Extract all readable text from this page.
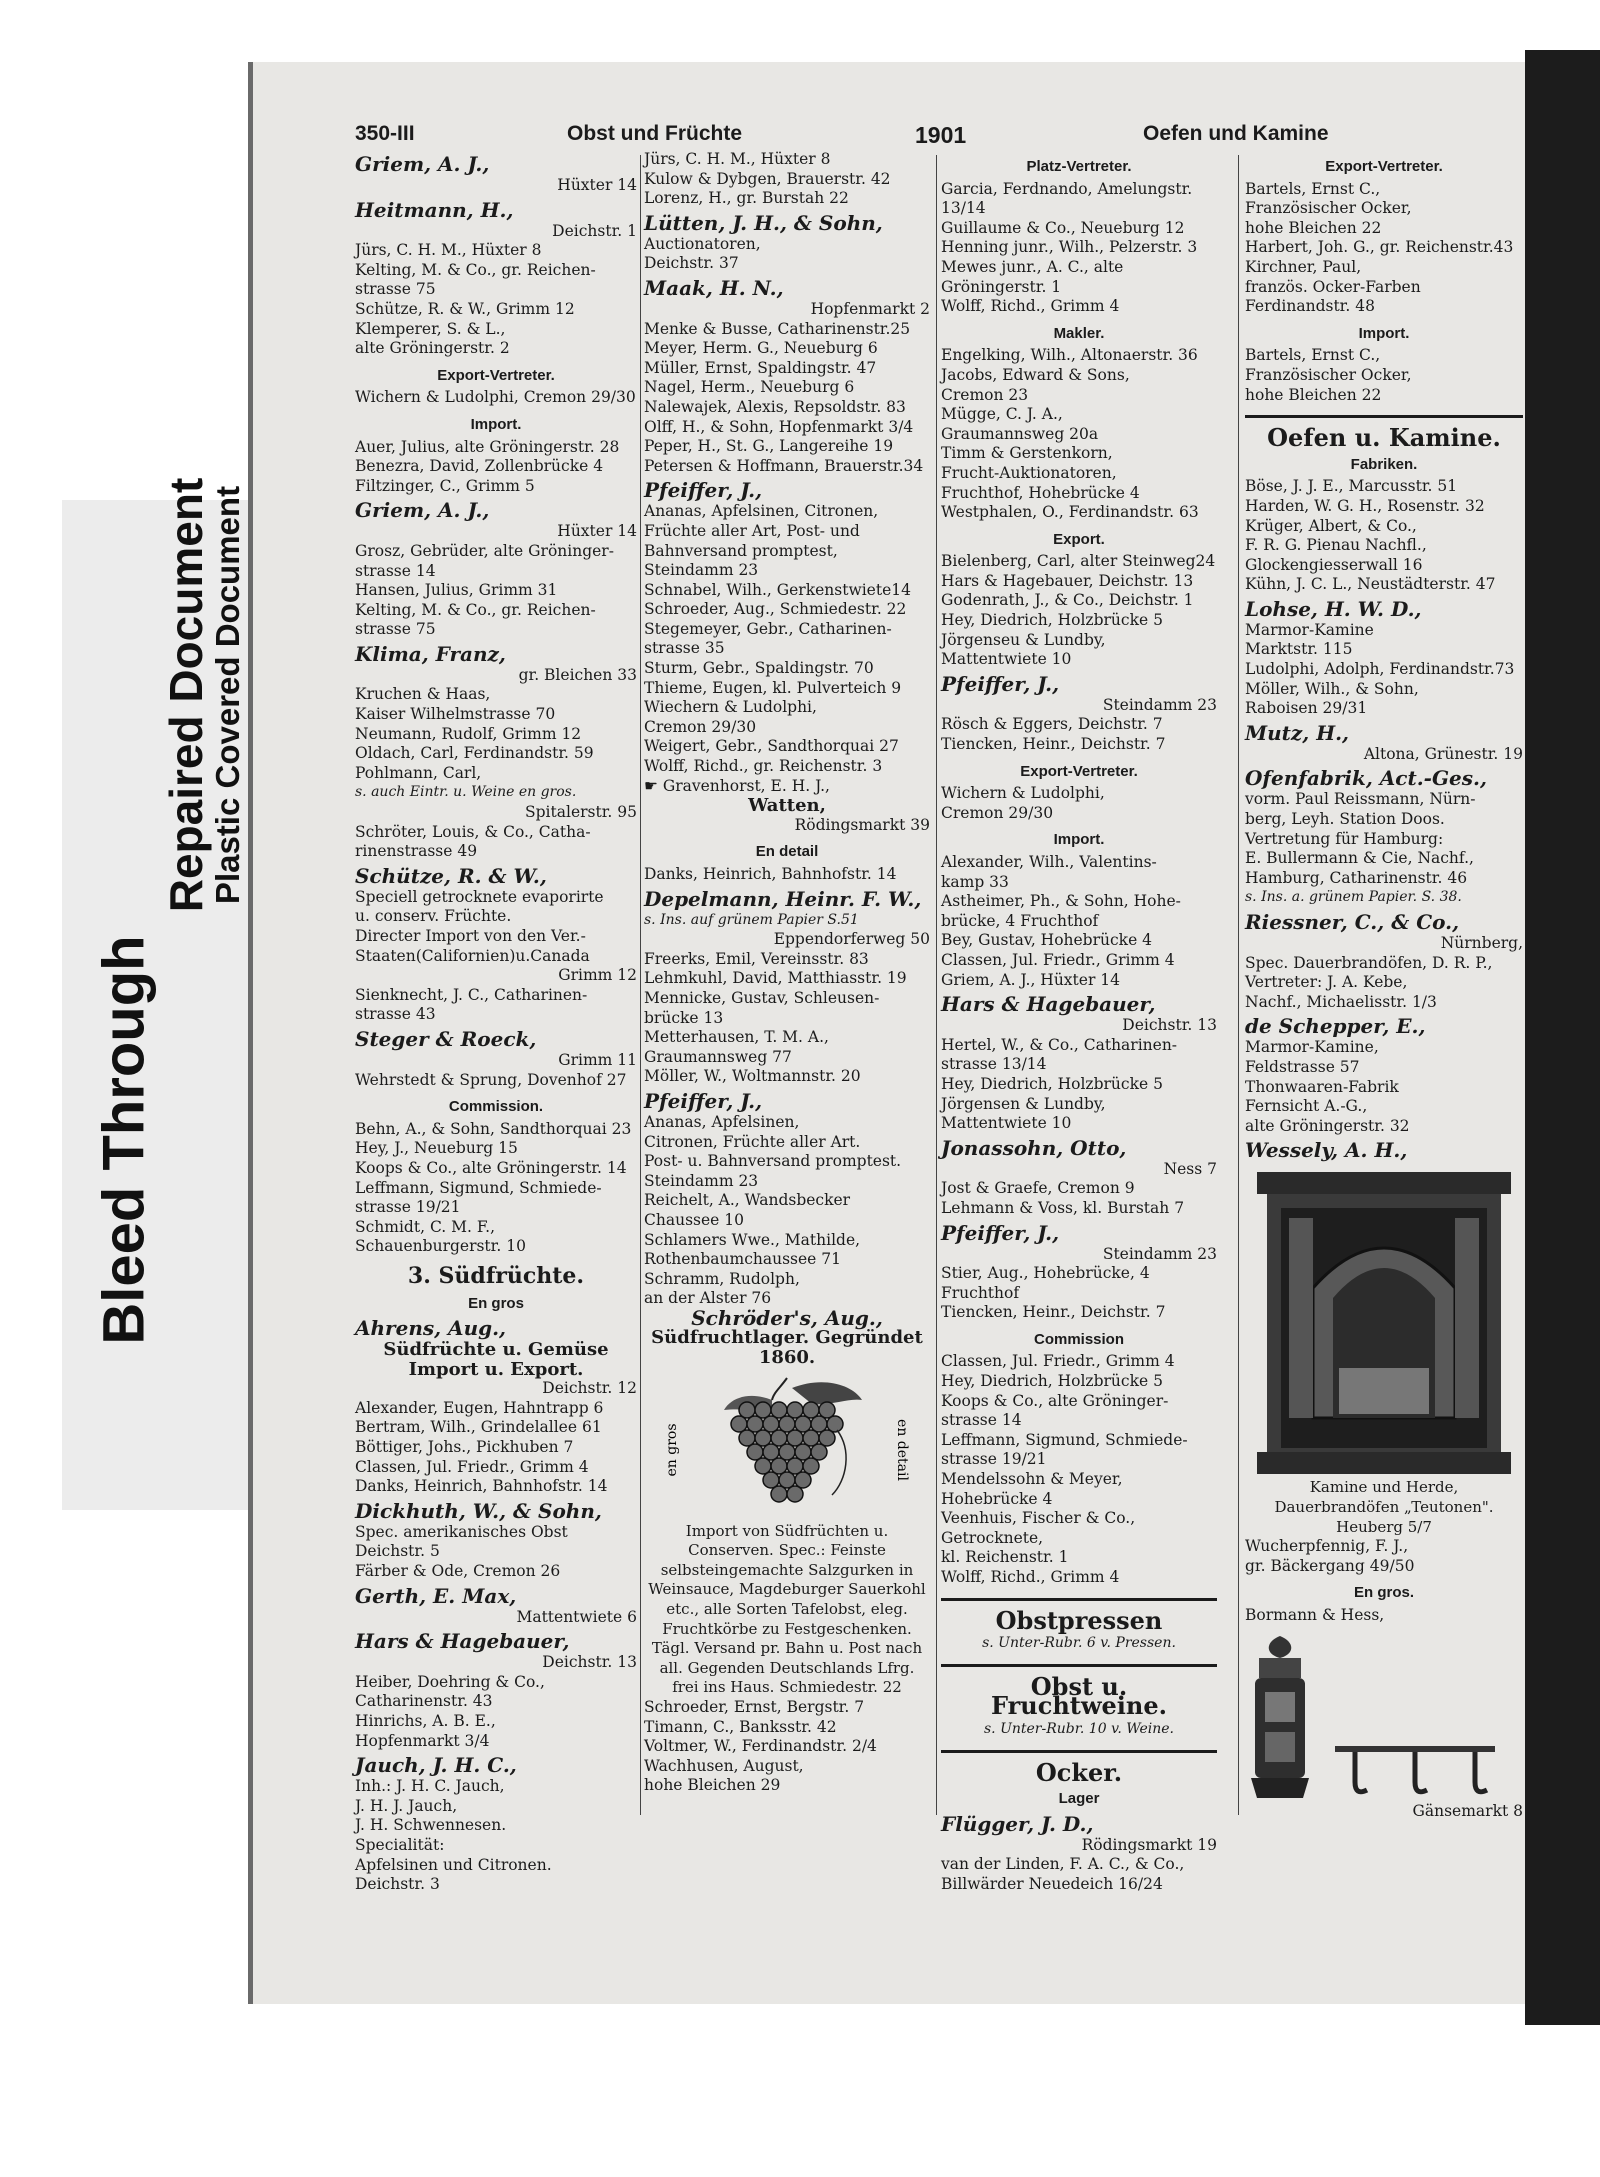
Bleed Through
Repaired Document
Plastic Covered Document
350-III	Obst und Früchte	1901	Oefen und Kamine
Griem, A. J.,
Hüxter 14
Heitmann, H.,
Deichstr. 1
Jürs, C. H. M., Hüxter 8
Kelting, M. & Co., gr. Reichen-
strasse 75
Schütze, R. & W., Grimm 12
Klemperer, S. & L.,
alte Gröningerstr. 2
Export-Vertreter.
Wichern & Ludolphi, Cremon 29/30
Import.
Auer, Julius, alte Gröningerstr. 28
Benezra, David, Zollenbrücke 4
Filtzinger, C., Grimm 5
Griem, A. J.,
Hüxter 14
Grosz, Gebrüder, alte Gröninger-
strasse 14
Hansen, Julius, Grimm 31
Kelting, M. & Co., gr. Reichen-
strasse 75
Klima, Franz,
gr. Bleichen 33
Kruchen & Haas,
Kaiser Wilhelmstrasse 70
Neumann, Rudolf, Grimm 12
Oldach, Carl, Ferdinandstr. 59
Pohlmann, Carl,
s. auch Eintr. u. Weine en gros.
Spitalerstr. 95
Schröter, Louis, & Co., Catha-
rinenstrasse 49
Schütze, R. & W.,
Speciell getrocknete evaporirte
u. conserv. Früchte.
Directer Import von den Ver.-
Staaten(Californien)u.Canada
Grimm 12
Sienknecht, J. C., Catharinen-
strasse 43
Steger & Roeck,
Grimm 11
Wehrstedt & Sprung, Dovenhof 27
Commission.
Behn, A., & Sohn, Sandthorquai 23
Hey, J., Neueburg 15
Koops & Co., alte Gröningerstr. 14
Leffmann, Sigmund, Schmiede-
strasse 19/21
Schmidt, C. M. F.,
Schauenburgerstr. 10
3. Südfrüchte.
En gros
Ahrens, Aug.,
Südfrüchte u. Gemüse Import u. Export.
Deichstr. 12
Alexander, Eugen, Hahntrapp 6
Bertram, Wilh., Grindelallee 61
Böttiger, Johs., Pickhuben 7
Classen, Jul. Friedr., Grimm 4
Danks, Heinrich, Bahnhofstr. 14
Dickhuth, W., & Sohn,
Spec. amerikanisches Obst
Deichstr. 5
Färber & Ode, Cremon 26
Gerth, E. Max,
Mattentwiete 6
Hars & Hagebauer,
Deichstr. 13
Heiber, Doehring & Co.,
Catharinenstr. 43
Hinrichs, A. B. E.,
Hopfenmarkt 3/4
Jauch, J. H. C.,
Inh.: J. H. C. Jauch,
J. H. J. Jauch,
J. H. Schwennesen.
Specialität:
Apfelsinen und Citronen.
Deichstr. 3
Jürs, C. H. M., Hüxter 8
Kulow & Dybgen, Brauerstr. 42
Lorenz, H., gr. Burstah 22
Lütten, J. H., & Sohn,
Auctionatoren,
Deichstr. 37
Maak, H. N.,
Hopfenmarkt 2
Menke & Busse, Catharinenstr.25
Meyer, Herm. G., Neueburg 6
Müller, Ernst, Spaldingstr. 47
Nagel, Herm., Neueburg 6
Nalewajek, Alexis, Repsoldstr. 83
Olff, H., & Sohn, Hopfenmarkt 3/4
Peper, H., St. G., Langereihe 19
Petersen & Hoffmann, Brauerstr.34
Pfeiffer, J.,
Ananas, Apfelsinen, Citronen,
Früchte aller Art, Post- und
Bahnversand promptest,
Steindamm 23
Schnabel, Wilh., Gerkenstwiete14
Schroeder, Aug., Schmiedestr. 22
Stegemeyer, Gebr., Catharinen-
strasse 35
Sturm, Gebr., Spaldingstr. 70
Thieme, Eugen, kl. Pulverteich 9
Wiechern & Ludolphi,
Cremon 29/30
Weigert, Gebr., Sandthorquai 27
Wolff, Richd., gr. Reichenstr. 3
☛ Gravenhorst, E. H. J.,
Watten,
Rödingsmarkt 39
En detail
Danks, Heinrich, Bahnhofstr. 14
Depelmann, Heinr. F. W.,
s. Ins. auf grünem Papier S.51
Eppendorferweg 50
Freerks, Emil, Vereinsstr. 83
Lehmkuhl, David, Matthiasstr. 19
Mennicke, Gustav, Schleusen-
brücke 13
Metterhausen, T. M. A.,
Graumannsweg 77
Möller, W., Woltmannstr. 20
Pfeiffer, J.,
Ananas, Apfelsinen,
Citronen, Früchte aller Art.
Post- u. Bahnversand promptest.
Steindamm 23
Reichelt, A., Wandsbecker
Chaussee 10
Schlamers Wwe., Mathilde,
Rothenbaumchaussee 71
Schramm, Rudolph,
an der Alster 76
Schröder's, Aug.,
Südfruchtlager. Gegründet 1860.
en gros	en detail
Import von Südfrüchten u. Conserven. Spec.: Feinste selbsteingemachte Salzgurken in Weinsauce, Magdeburger Sauerkohl etc., alle Sorten Tafelobst, eleg. Fruchtkörbe zu Festgeschenken. Tägl. Versand pr. Bahn u. Post nach all. Gegenden Deutschlands Lfrg. frei ins Haus. Schmiedestr. 22
Schroeder, Ernst, Bergstr. 7
Timann, C., Banksstr. 42
Voltmer, W., Ferdinandstr. 2/4
Wachhusen, August,
hohe Bleichen 29
Platz-Vertreter.
Garcia, Ferdnando, Amelungstr.
13/14
Guillaume & Co., Neueburg 12
Henning junr., Wilh., Pelzerstr. 3
Mewes junr., A. C., alte
Gröningerstr. 1
Wolff, Richd., Grimm 4
Makler.
Engelking, Wilh., Altonaerstr. 36
Jacobs, Edward & Sons,
Cremon 23
Mügge, C. J. A.,
Graumannsweg 20a
Timm & Gerstenkorn,
Frucht-Auktionatoren,
Fruchthof, Hohebrücke 4
Westphalen, O., Ferdinandstr. 63
Export.
Bielenberg, Carl, alter Steinweg24
Hars & Hagebauer, Deichstr. 13
Godenrath, J., & Co., Deichstr. 1
Hey, Diedrich, Holzbrücke 5
Jörgenseu & Lundby,
Mattentwiete 10
Pfeiffer, J.,
Steindamm 23
Rösch & Eggers, Deichstr. 7
Tiencken, Heinr., Deichstr. 7
Export-Vertreter.
Wichern & Ludolphi,
Cremon 29/30
Import.
Alexander, Wilh., Valentins-
kamp 33
Astheimer, Ph., & Sohn, Hohe-
brücke, 4 Fruchthof
Bey, Gustav, Hohebrücke 4
Classen, Jul. Friedr., Grimm 4
Griem, A. J., Hüxter 14
Hars & Hagebauer,
Deichstr. 13
Hertel, W., & Co., Catharinen-
strasse 13/14
Hey, Diedrich, Holzbrücke 5
Jörgensen & Lundby,
Mattentwiete 10
Jonassohn, Otto,
Ness 7
Jost & Graefe, Cremon 9
Lehmann & Voss, kl. Burstah 7
Pfeiffer, J.,
Steindamm 23
Stier, Aug., Hohebrücke, 4
Fruchthof
Tiencken, Heinr., Deichstr. 7
Commission
Classen, Jul. Friedr., Grimm 4
Hey, Diedrich, Holzbrücke 5
Koops & Co., alte Gröninger-
strasse 14
Leffmann, Sigmund, Schmiede-
strasse 19/21
Mendelssohn & Meyer,
Hohebrücke 4
Veenhuis, Fischer & Co.,
Getrocknete,
kl. Reichenstr. 1
Wolff, Richd., Grimm 4
Obstpressen
s. Unter-Rubr. 6 v. Pressen.
Obst u. Fruchtweine.
s. Unter-Rubr. 10 v. Weine.
Ocker.
Lager
Flügger, J. D.,
Rödingsmarkt 19
van der Linden, F. A. C., & Co.,
Billwärder Neuedeich 16/24
Export-Vertreter.
Bartels, Ernst C.,
Französischer Ocker,
hohe Bleichen 22
Harbert, Joh. G., gr. Reichenstr.43
Kirchner, Paul,
französ. Ocker-Farben
Ferdinandstr. 48
Import.
Bartels, Ernst C.,
Französischer Ocker,
hohe Bleichen 22
Oefen u. Kamine.
Fabriken.
Böse, J. J. E., Marcusstr. 51
Harden, W. G. H., Rosenstr. 32
Krüger, Albert, & Co.,
F. R. G. Pienau Nachfl.,
Glockengiesserwall 16
Kühn, J. C. L., Neustädterstr. 47
Lohse, H. W. D.,
Marmor-Kamine
Marktstr. 115
Ludolphi, Adolph, Ferdinandstr.73
Möller, Wilh., & Sohn,
Raboisen 29/31
Mutz, H.,
Altona, Grünestr. 19
Ofenfabrik, Act.-Ges.,
vorm. Paul Reissmann, Nürn-
berg, Leyh. Station Doos.
Vertretung für Hamburg:
E. Bullermann & Cie, Nachf.,
Hamburg, Catharinenstr. 46
s. Ins. a. grünem Papier. S. 38.
Riessner, C., & Co.,
Nürnberg,
Spec. Dauerbrandöfen, D. R. P.,
Vertreter: J. A. Kebe,
Nachf., Michaelisstr. 1/3
de Schepper, E.,
Marmor-Kamine,
Feldstrasse 57
Thonwaaren-Fabrik
Fernsicht A.-G.,
alte Gröningerstr. 32
Wessely, A. H.,
Kamine und Herde, Dauerbrandöfen „Teutonen". Heuberg 5/7
Wucherpfennig, F. J.,
gr. Bäckergang 49/50
En gros.
Bormann & Hess,
Gänsemarkt 8
